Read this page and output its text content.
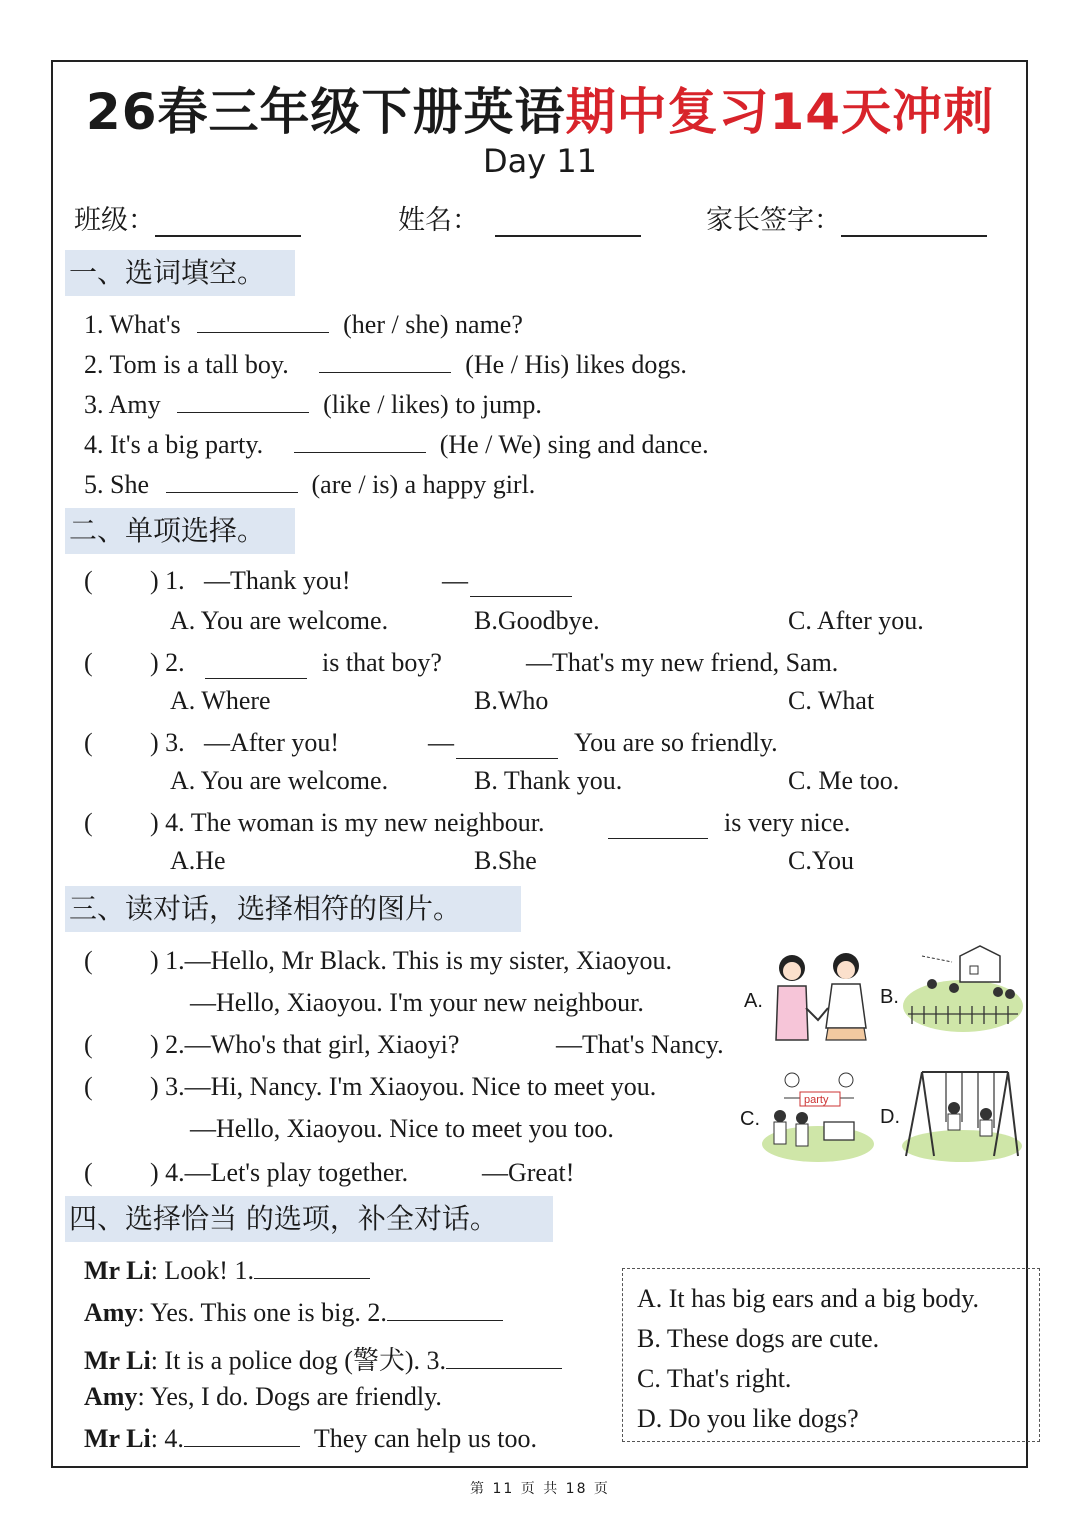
26春三年级下册英语期中复习14天冲刺
Day 11
班级：	姓名：	家长签字：
一、选词填空。
1. What's	(her / she) name?
2. Tom is a tall boy.	(He / His) likes dogs.
3. Amy	(like / likes) to jump.
4. It's a big party.	(He / We) sing and dance.
5. She	(are / is) a happy girl.
二、单项选择。
( ) 1. —Thank you!	—
A. You are welcome.	B.Goodbye.	C. After you.
( ) 2.	is that boy?	—That's my new friend, Sam.
A. Where	B.Who	C. What
( ) 3. —After you!	—	You are so friendly.
A. You are welcome.	B. Thank you.	C. Me too.
( ) 4. The woman is my new neighbour.	is very nice.
A.He	B.She	C.You
三、读对话，选择相符的图片。
( ) 1.—Hello, Mr Black. This is my sister, Xiaoyou.
—Hello, Xiaoyou. I'm your new neighbour.
( ) 2.—Who's that girl, Xiaoyi?	—That's Nancy.
( ) 3.—Hi, Nancy. I'm Xiaoyou. Nice to meet you.
—Hello, Xiaoyou. Nice to meet you too.
( ) 4.—Let's play together.	—Great!
A.	B.
C.
party
D.
四、选择恰当 的选项，补全对话。
Mr Li: Look! 1.
Amy: Yes. This one is big. 2.
Mr Li: It is a police dog (警犬). 3.
Amy: Yes, I do. Dogs are friendly.
Mr Li: 4.	They can help us too.
A. It has big ears and a big body.
B. These dogs are cute.
C. That's right.
D. Do you like dogs?
第 11 页 共 18 页
